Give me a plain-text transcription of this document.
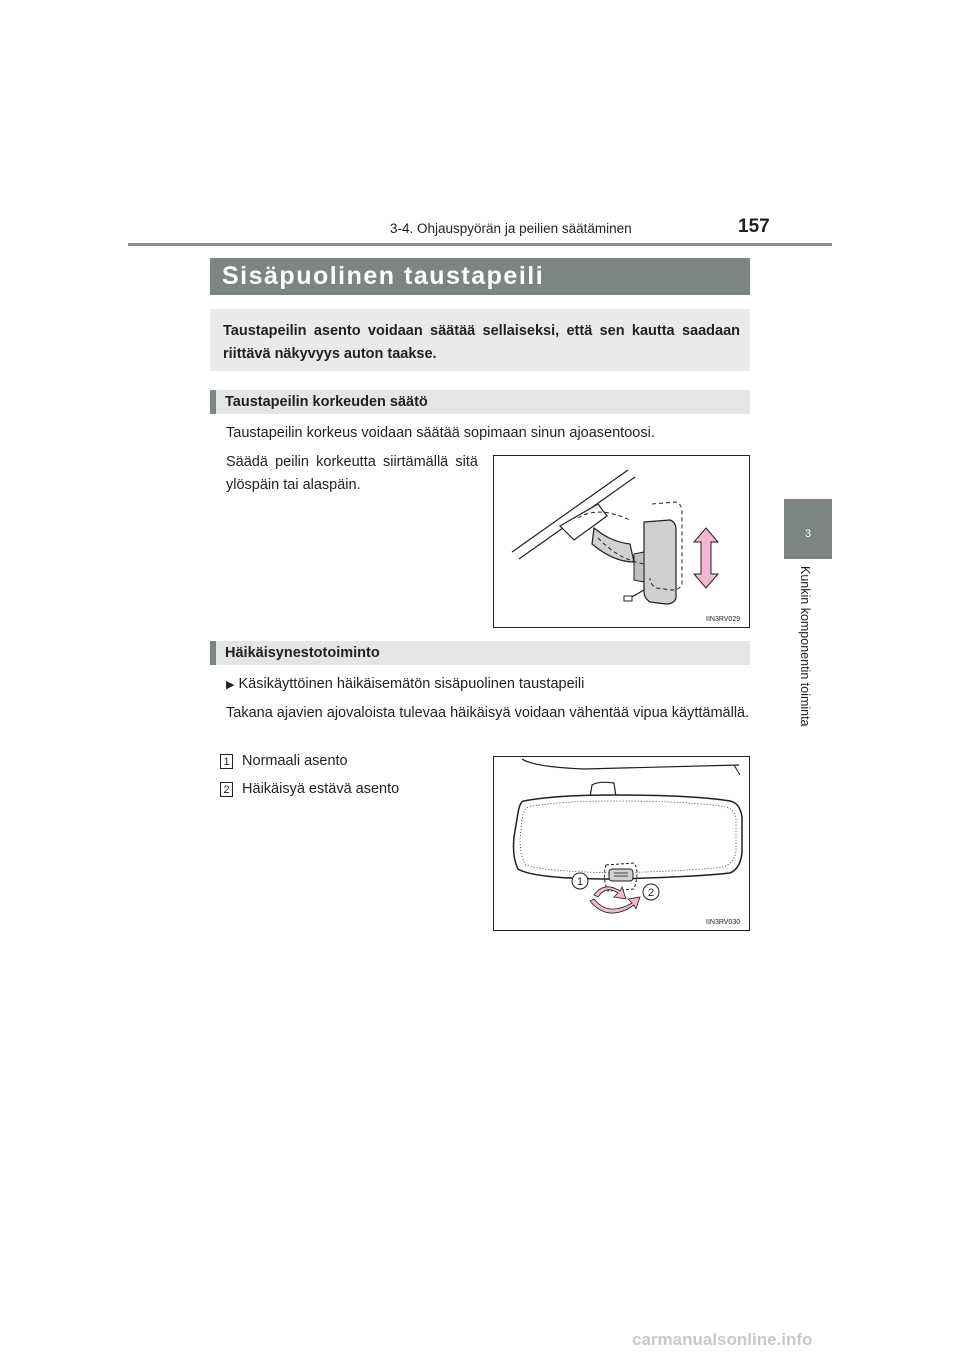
3-4. Ohjauspyörän ja peilien säätäminen	157
3
Kunkin komponentin toiminta
Sisäpuolinen taustapeili
Taustapeilin asento voidaan säätää sellaiseksi, että sen kautta saadaan riittävä näkyvyys auton taakse.
Taustapeilin korkeuden säätö
Taustapeilin korkeus voidaan säätää sopimaan sinun ajoasentoosi.
Säädä peilin korkeutta siirtämällä sitä ylöspäin tai alaspäin.
IIN3RV029
Häikäisynestotoiminto
▶ Käsikäyttöinen häikäisemätön sisäpuolinen taustapeili
Takana ajavien ajovaloista tulevaa häikäisyä voidaan vähentää vipua käyttämällä.
1 Normaali asento
2 Häikäisyä estävä asento
1
2
IIN3RV030
carmanualsonline.info
